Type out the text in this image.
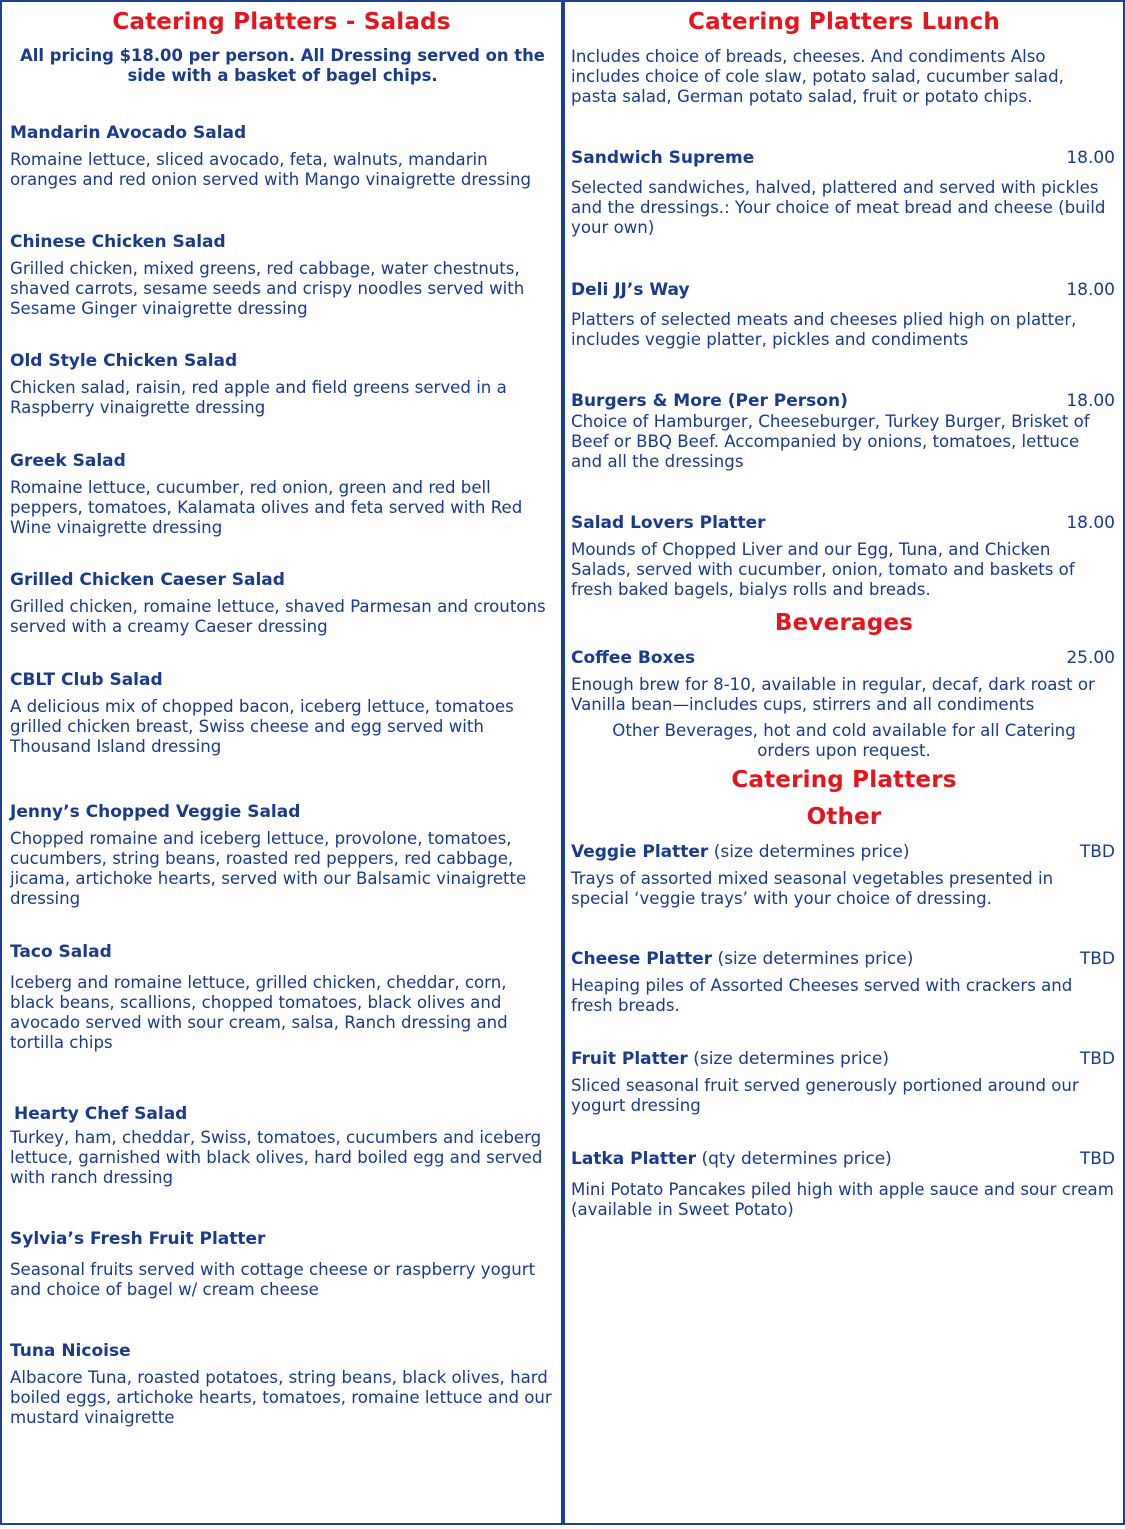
Catering Platters - Salads
All pricing $18.00 per person. All Dressing served on the side with a basket of bagel chips.
Mandarin Avocado Salad
Romaine lettuce, sliced avocado, feta, walnuts, mandarin oranges and red onion served with Mango vinaigrette dressing
Chinese Chicken Salad
Grilled chicken, mixed greens, red cabbage, water chestnuts, shaved carrots, sesame seeds and crispy noodles served with Sesame Ginger vinaigrette dressing
Old Style Chicken Salad
Chicken salad, raisin, red apple and field greens served in a Raspberry vinaigrette dressing
Greek Salad
Romaine lettuce, cucumber, red onion, green and red bell peppers, tomatoes, Kalamata olives and feta served with Red Wine vinaigrette dressing
Grilled Chicken Caeser Salad
Grilled chicken, romaine lettuce, shaved Parmesan and croutons served with a creamy Caeser dressing
CBLT Club Salad
A delicious mix of chopped bacon, iceberg lettuce, tomatoes grilled chicken breast, Swiss cheese and egg served with Thousand Island dressing
Jenny’s Chopped Veggie Salad
Chopped romaine and iceberg lettuce, provolone, tomatoes, cucumbers, string beans, roasted red peppers, red cabbage, jicama, artichoke hearts, served with our Balsamic vinaigrette dressing
Taco Salad
Iceberg and romaine lettuce, grilled chicken, cheddar, corn, black beans, scallions, chopped tomatoes, black olives and avocado served with sour cream, salsa, Ranch dressing and tortilla chips
Hearty Chef Salad
Turkey, ham, cheddar, Swiss, tomatoes, cucumbers and iceberg lettuce, garnished with black olives, hard boiled egg and served with ranch dressing
Sylvia’s Fresh Fruit Platter
Seasonal fruits served with cottage cheese or raspberry yogurt and choice of bagel w/ cream cheese
Tuna Nicoise
Albacore Tuna, roasted potatoes, string beans, black olives, hard boiled eggs, artichoke hearts, tomatoes, romaine lettuce and our mustard vinaigrette
Catering Platters Lunch
Includes choice of breads, cheeses. And condiments Also includes choice of cole slaw, potato salad, cucumber salad, pasta salad, German potato salad, fruit or potato chips.
Sandwich Supreme	18.00
Selected sandwiches, halved, plattered and served with pickles and the dressings.: Your choice of meat bread and cheese (build your own)
Deli JJ’s Way	18.00
Platters of selected meats and cheeses plied high on platter, includes veggie platter, pickles and condiments
Burgers & More (Per Person)	18.00
Choice of Hamburger, Cheeseburger, Turkey Burger, Brisket of Beef or BBQ Beef. Accompanied by onions, tomatoes, lettuce and all the dressings
Salad Lovers Platter	18.00
Mounds of Chopped Liver and our Egg, Tuna, and Chicken Salads, served with cucumber, onion, tomato and baskets of fresh baked bagels, bialys rolls and breads.
Beverages
Coffee Boxes	25.00
Enough brew for 8-10, available in regular, decaf, dark roast or Vanilla bean—includes cups, stirrers and all condiments
Other Beverages, hot and cold available for all Catering orders upon request.
Catering Platters
Other
Veggie Platter (size determines price)	TBD
Trays of assorted mixed seasonal vegetables presented in special ‘veggie trays’ with your choice of dressing.
Cheese Platter (size determines price)	TBD
Heaping piles of Assorted Cheeses served with crackers and fresh breads.
Fruit Platter (size determines price)	TBD
Sliced seasonal fruit served generously portioned around our yogurt dressing
Latka Platter (qty determines price)	TBD
Mini Potato Pancakes piled high with apple sauce and sour cream (available in Sweet Potato)
